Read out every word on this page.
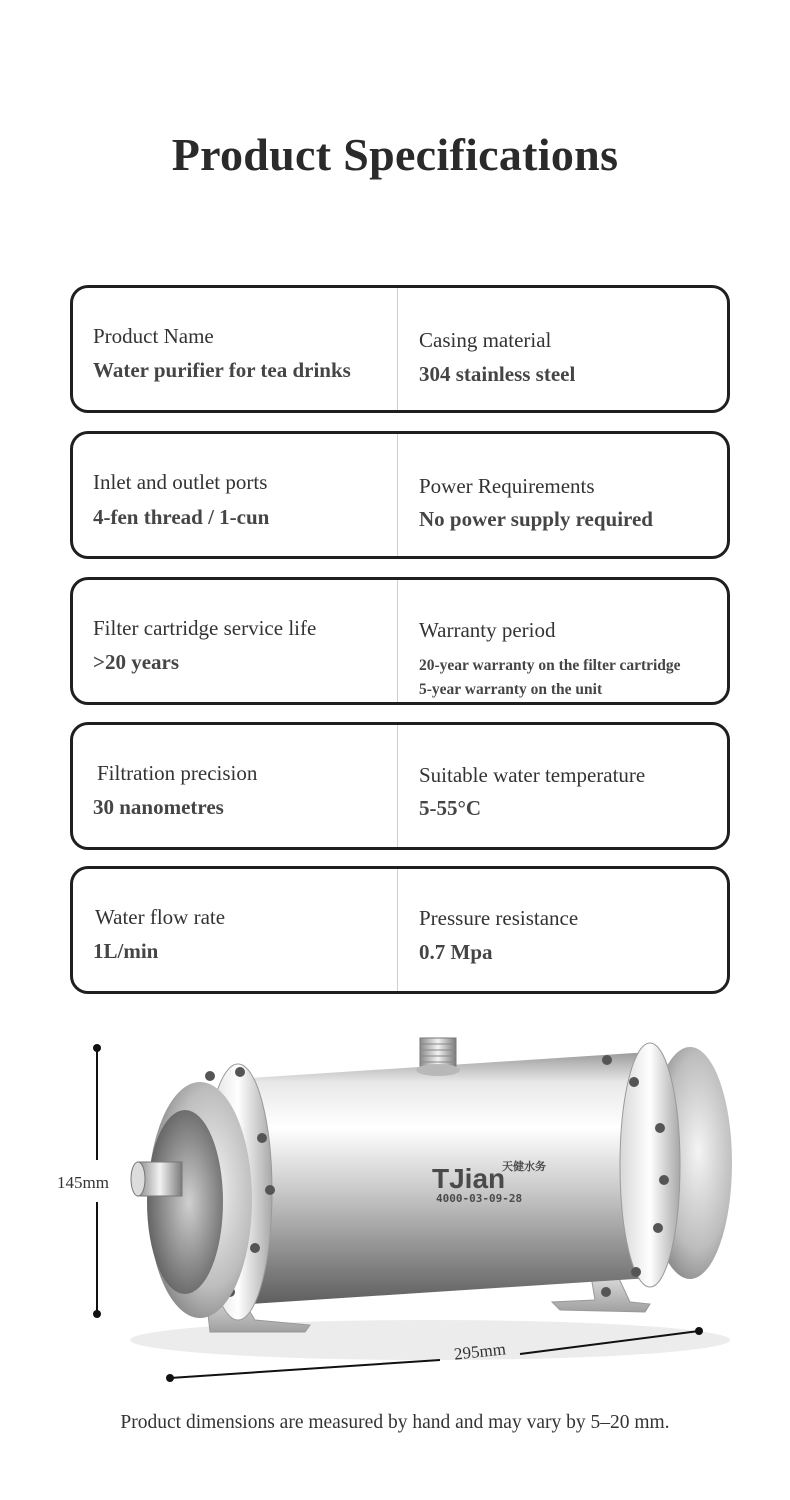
Product Specifications
Product Name
Water purifier for tea drinks
Casing material
304 stainless steel
Inlet and outlet ports
4-fen thread / 1-cun
Power Requirements
No power supply required
Filter cartridge service life
>20 years
Warranty period
20-year warranty on the filter cartridge
5-year warranty on the unit
Filtration precision
30 nanometres
Suitable water temperature
5-55°C
Water flow rate
1L/min
Pressure resistance
0.7 Mpa
TJian
天健水务
4000-03-09-28
145mm
295mm
Product dimensions are measured by hand and may vary by 5–20 mm.
